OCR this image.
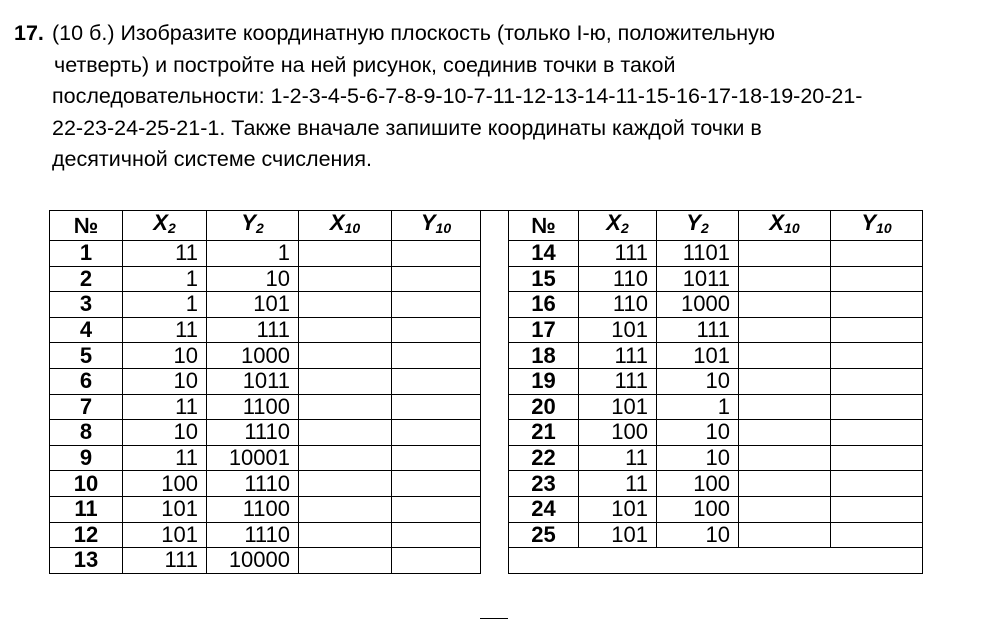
17. (10 б.) Изобразите координатную плоскость (только I-ю, положительную
четверть) и постройте на ней рисунок, соединив точки в такой
последовательности: 1-2-3-4-5-6-7-8-9-10-7-11-12-13-14-11-15-16-17-18-19-20-21-
22-23-24-25-21-1. Также вначале запишите координаты каждой точки в
десятичной системе счисления.
№	$X_2$	$Y_2$	$X_{10}$	$Y_{10}$
1	11	1		
2	1	10		
3	1	101		
4	11	111		
5	10	1000		
6	10	1011		
7	11	1100		
8	10	1110		
9	11	10001		
10	100	1110		
11	101	1100		
12	101	1110		
13	111	10000		
№	$X_2$	$Y_2$	$X_{10}$	$Y_{10}$
14	111	1101		
15	110	1011		
16	110	1000		
17	101	111		
18	111	101		
19	111	10		
20	101	1		
21	100	10		
22	11	10		
23	11	100		
24	101	100		
25	101	10		
